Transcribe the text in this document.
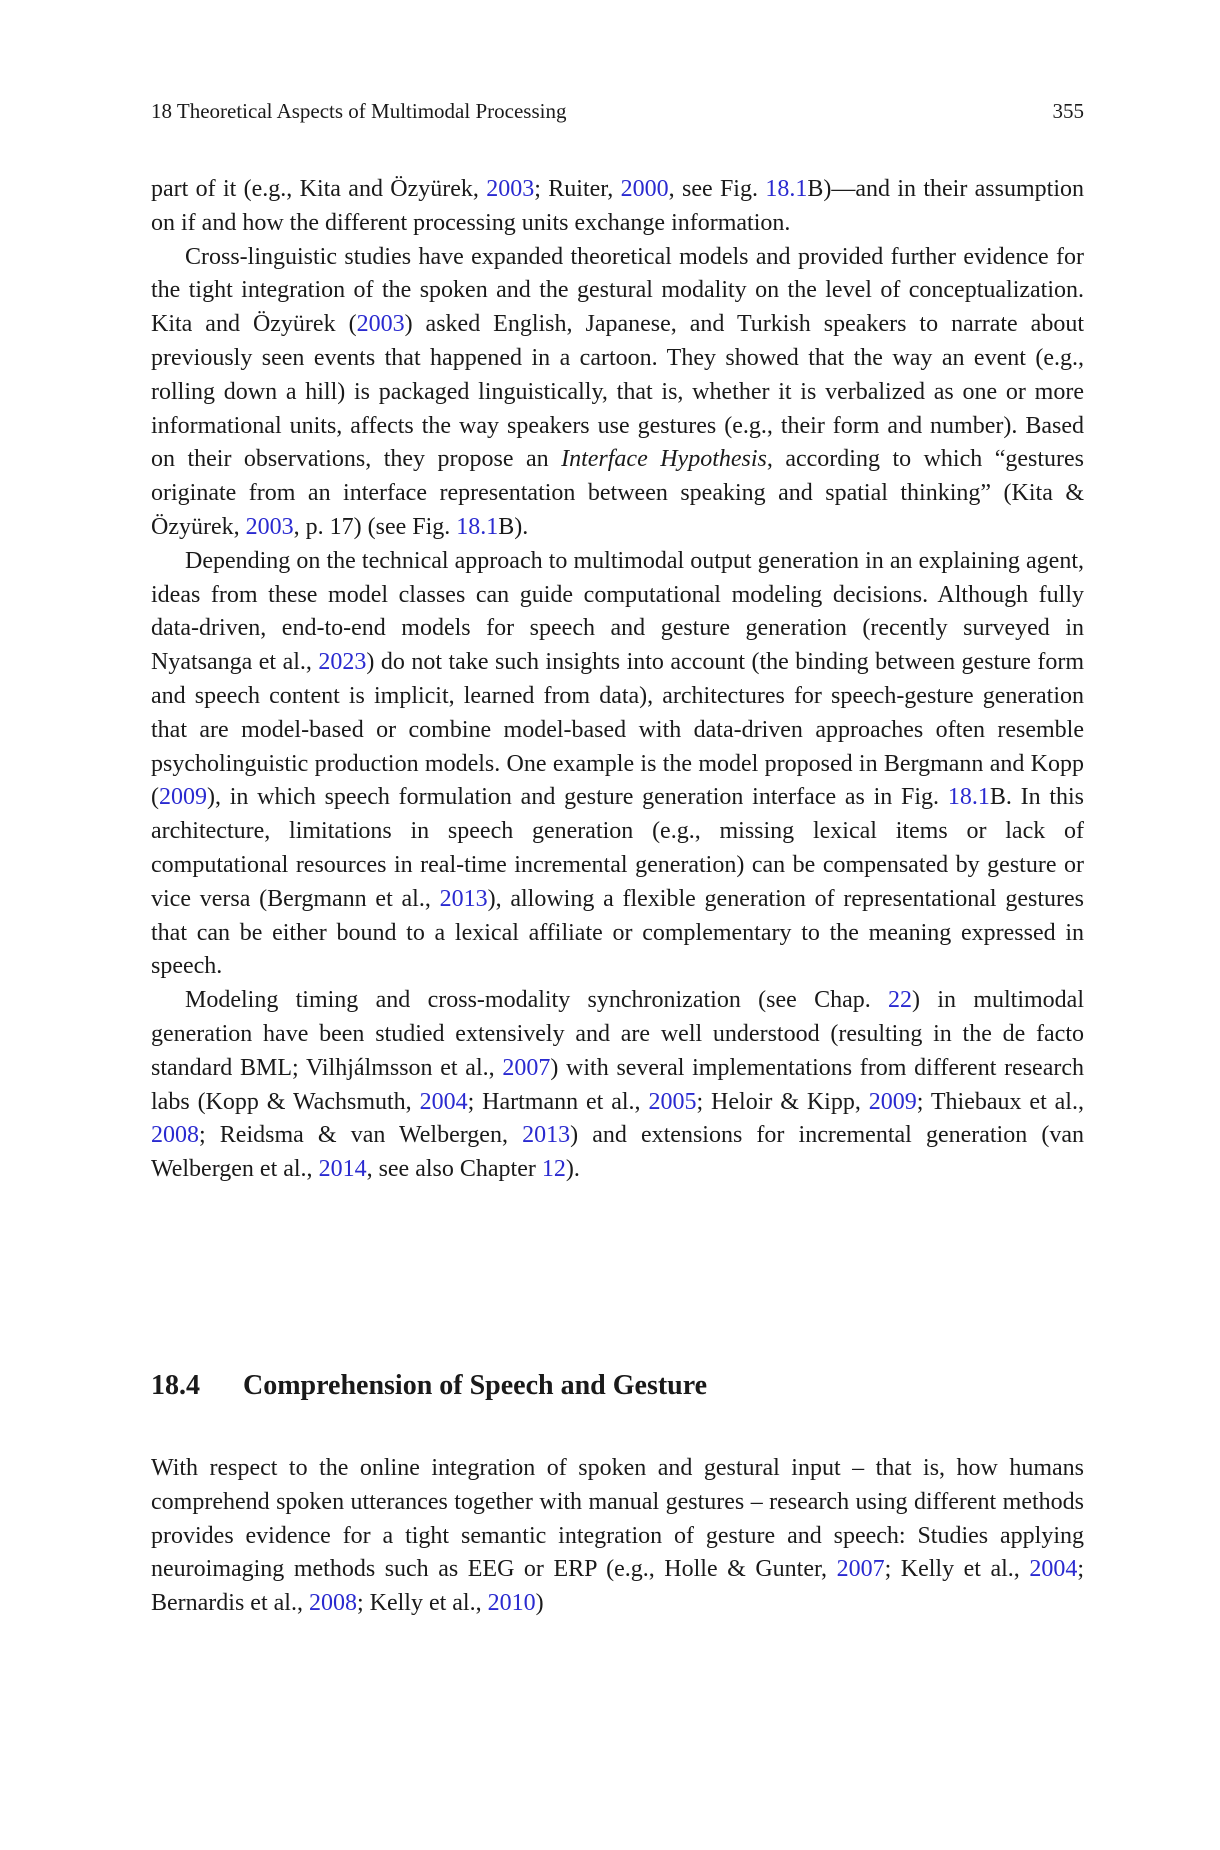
18 Theoretical Aspects of Multimodal Processing	355

part of it (e.g., Kita and Özyürek, 2003; Ruiter, 2000, see Fig. 18.1B)—and in their assumption on if and how the different processing units exchange information.

Cross-linguistic studies have expanded theoretical models and provided further evidence for the tight integration of the spoken and the gestural modality on the level of conceptualization. Kita and Özyürek (2003) asked English, Japanese, and Turkish speakers to narrate about previously seen events that happened in a cartoon. They showed that the way an event (e.g., rolling down a hill) is packaged linguistically, that is, whether it is verbalized as one or more informational units, affects the way speakers use gestures (e.g., their form and number). Based on their observations, they propose an Interface Hypothesis, according to which “gestures originate from an interface representation between speaking and spatial thinking” (Kita & Özyürek, 2003, p. 17) (see Fig. 18.1B).

Depending on the technical approach to multimodal output generation in an explaining agent, ideas from these model classes can guide computational modeling decisions. Although fully data-driven, end-to-end models for speech and gesture generation (recently surveyed in Nyatsanga et al., 2023) do not take such insights into account (the binding between gesture form and speech content is implicit, learned from data), architectures for speech-gesture generation that are model-based or combine model-based with data-driven approaches often resemble psycholinguistic production models. One example is the model proposed in Bergmann and Kopp (2009), in which speech formulation and gesture generation interface as in Fig. 18.1B. In this architecture, limitations in speech generation (e.g., missing lexical items or lack of computational resources in real-time incremental generation) can be compensated by gesture or vice versa (Bergmann et al., 2013), allowing a flexible generation of representational gestures that can be either bound to a lexical affiliate or complementary to the meaning expressed in speech.

Modeling timing and cross-modality synchronization (see Chap. 22) in multimodal generation have been studied extensively and are well understood (resulting in the de facto standard BML; Vilhjálmsson et al., 2007) with several implementations from different research labs (Kopp & Wachsmuth, 2004; Hartmann et al., 2005; Heloir & Kipp, 2009; Thiebaux et al., 2008; Reidsma & van Welbergen, 2013) and extensions for incremental generation (van Welbergen et al., 2014, see also Chapter 12).

18.4 Comprehension of Speech and Gesture

With respect to the online integration of spoken and gestural input – that is, how humans comprehend spoken utterances together with manual gestures – research using different methods provides evidence for a tight semantic integration of gesture and speech: Studies applying neuroimaging methods such as EEG or ERP (e.g., Holle & Gunter, 2007; Kelly et al., 2004; Bernardis et al., 2008; Kelly et al., 2010)
